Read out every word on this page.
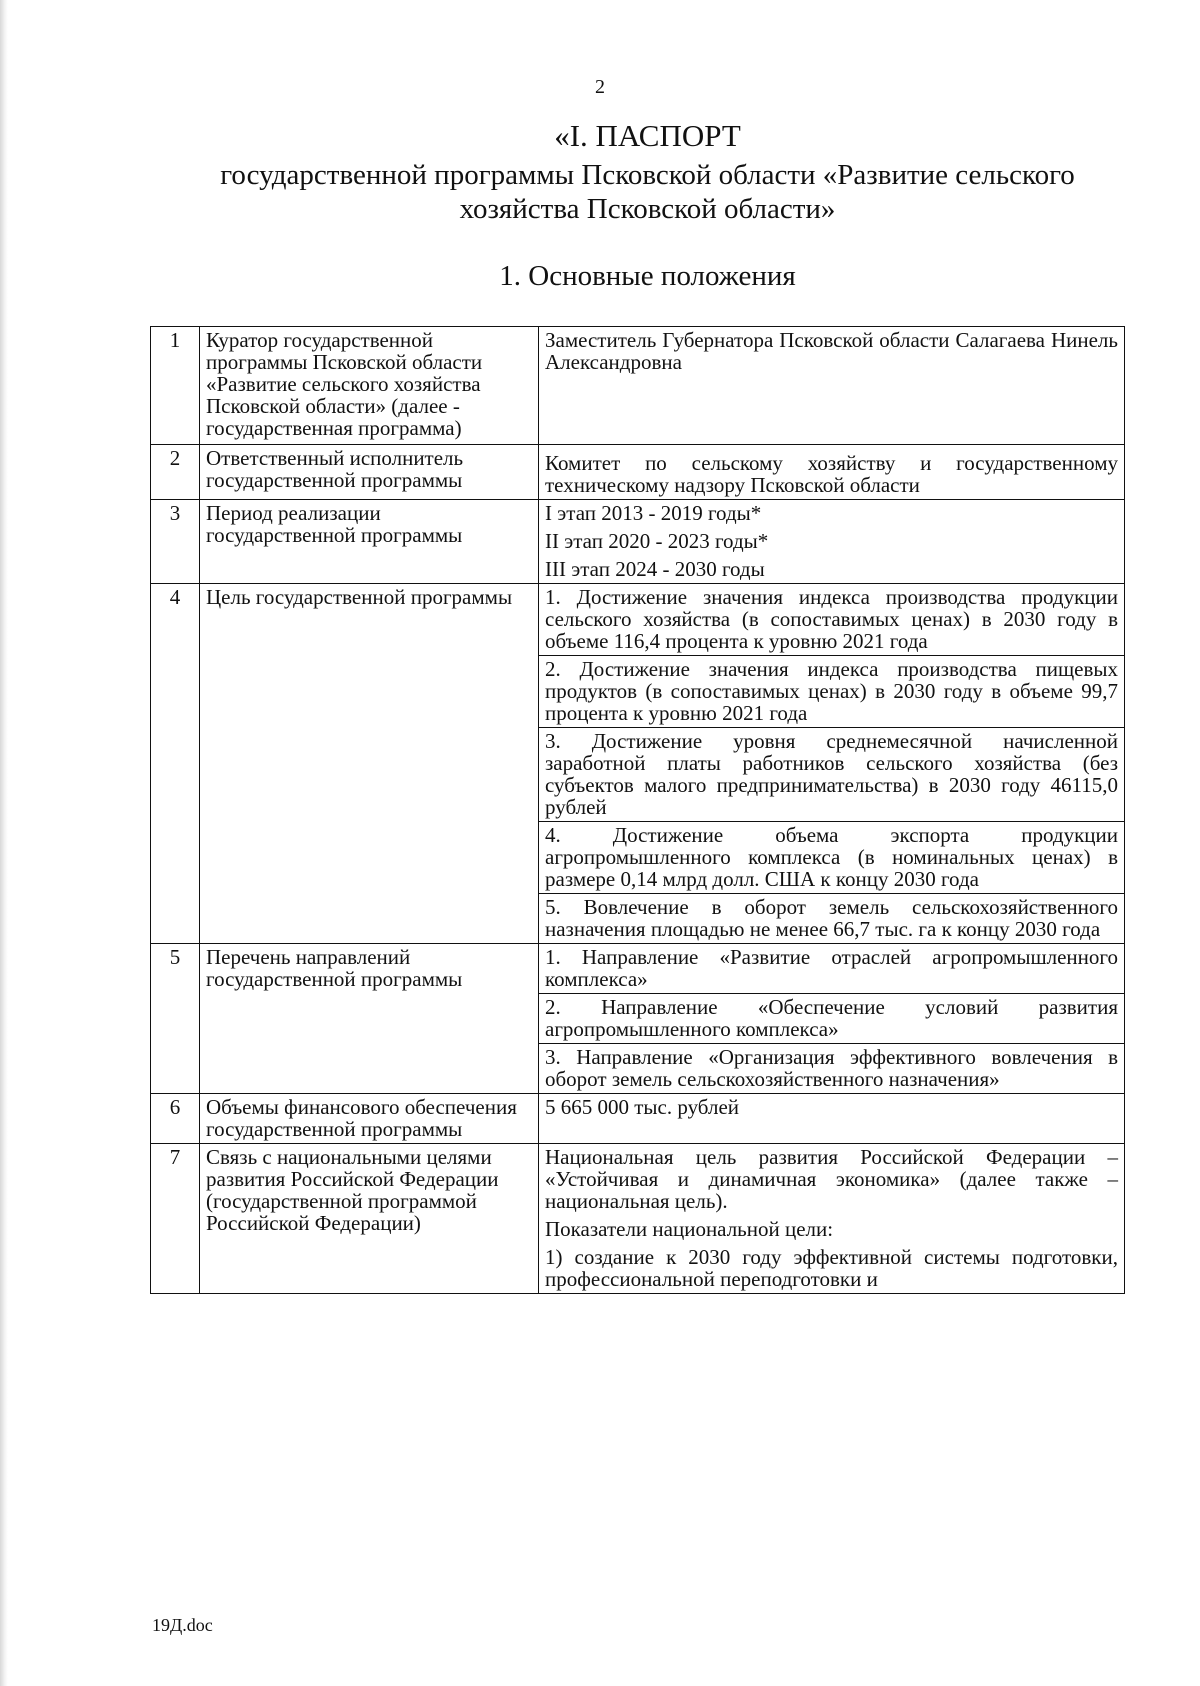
2
«I. ПАСПОРТ
государственной программы Псковской области «Развитие сельского хозяйства Псковской области»
1. Основные положения
1	Куратор государственной программы Псковской области «Развитие сельского хозяйства Псковской области» (далее - государственная программа)	Заместитель Губернатора Псковской области Салагаева Нинель Александровна
2	Ответственный исполнитель государственной программы	Комитет по сельскому хозяйству и государственному техническому надзору Псковской области
3	Период реализации государственной программы	I этап 2013 - 2019 годы*
II этап 2020 - 2023 годы*
III этап 2024 - 2030 годы

4	Цель государственной программы	1. Достижение значения индекса производства продукции сельского хозяйства (в сопоставимых ценах) в 2030 году в объеме 116,4 процента к уровню 2021 года
		2. Достижение значения индекса производства пищевых продуктов (в сопоставимых ценах) в 2030 году в объеме 99,7 процента к уровню 2021 года
		3. Достижение уровня среднемесячной начисленной заработной платы работников сельского хозяйства (без субъектов малого предпринимательства) в 2030 году 46115,0 рублей
		4. Достижение объема экспорта продукции агропромышленного комплекса (в номинальных ценах) в размере 0,14 млрд долл. США к концу 2030 года
		5. Вовлечение в оборот земель сельскохозяйственного назначения площадью не менее 66,7 тыс. га к концу 2030 года
5	Перечень направлений государственной программы	1. Направление «Развитие отраслей агропромышленного комплекса»
		2. Направление «Обеспечение условий развития агропромышленного комплекса»
		3. Направление «Организация эффективного вовлечения в оборот земель сельскохозяйственного назначения»
6	Объемы финансового обеспечения государственной программы	5 665 000 тыс. рублей
7	Связь с национальными целями развития Российской Федерации (государственной программой Российской Федерации)	Национальная цель развития Российской Федерации – «Устойчивая и динамичная экономика» (далее также – национальная цель).
Показатели национальной цели:
1) создание к 2030 году эффективной системы подготовки, профессиональной переподготовки и
19Д.doc
